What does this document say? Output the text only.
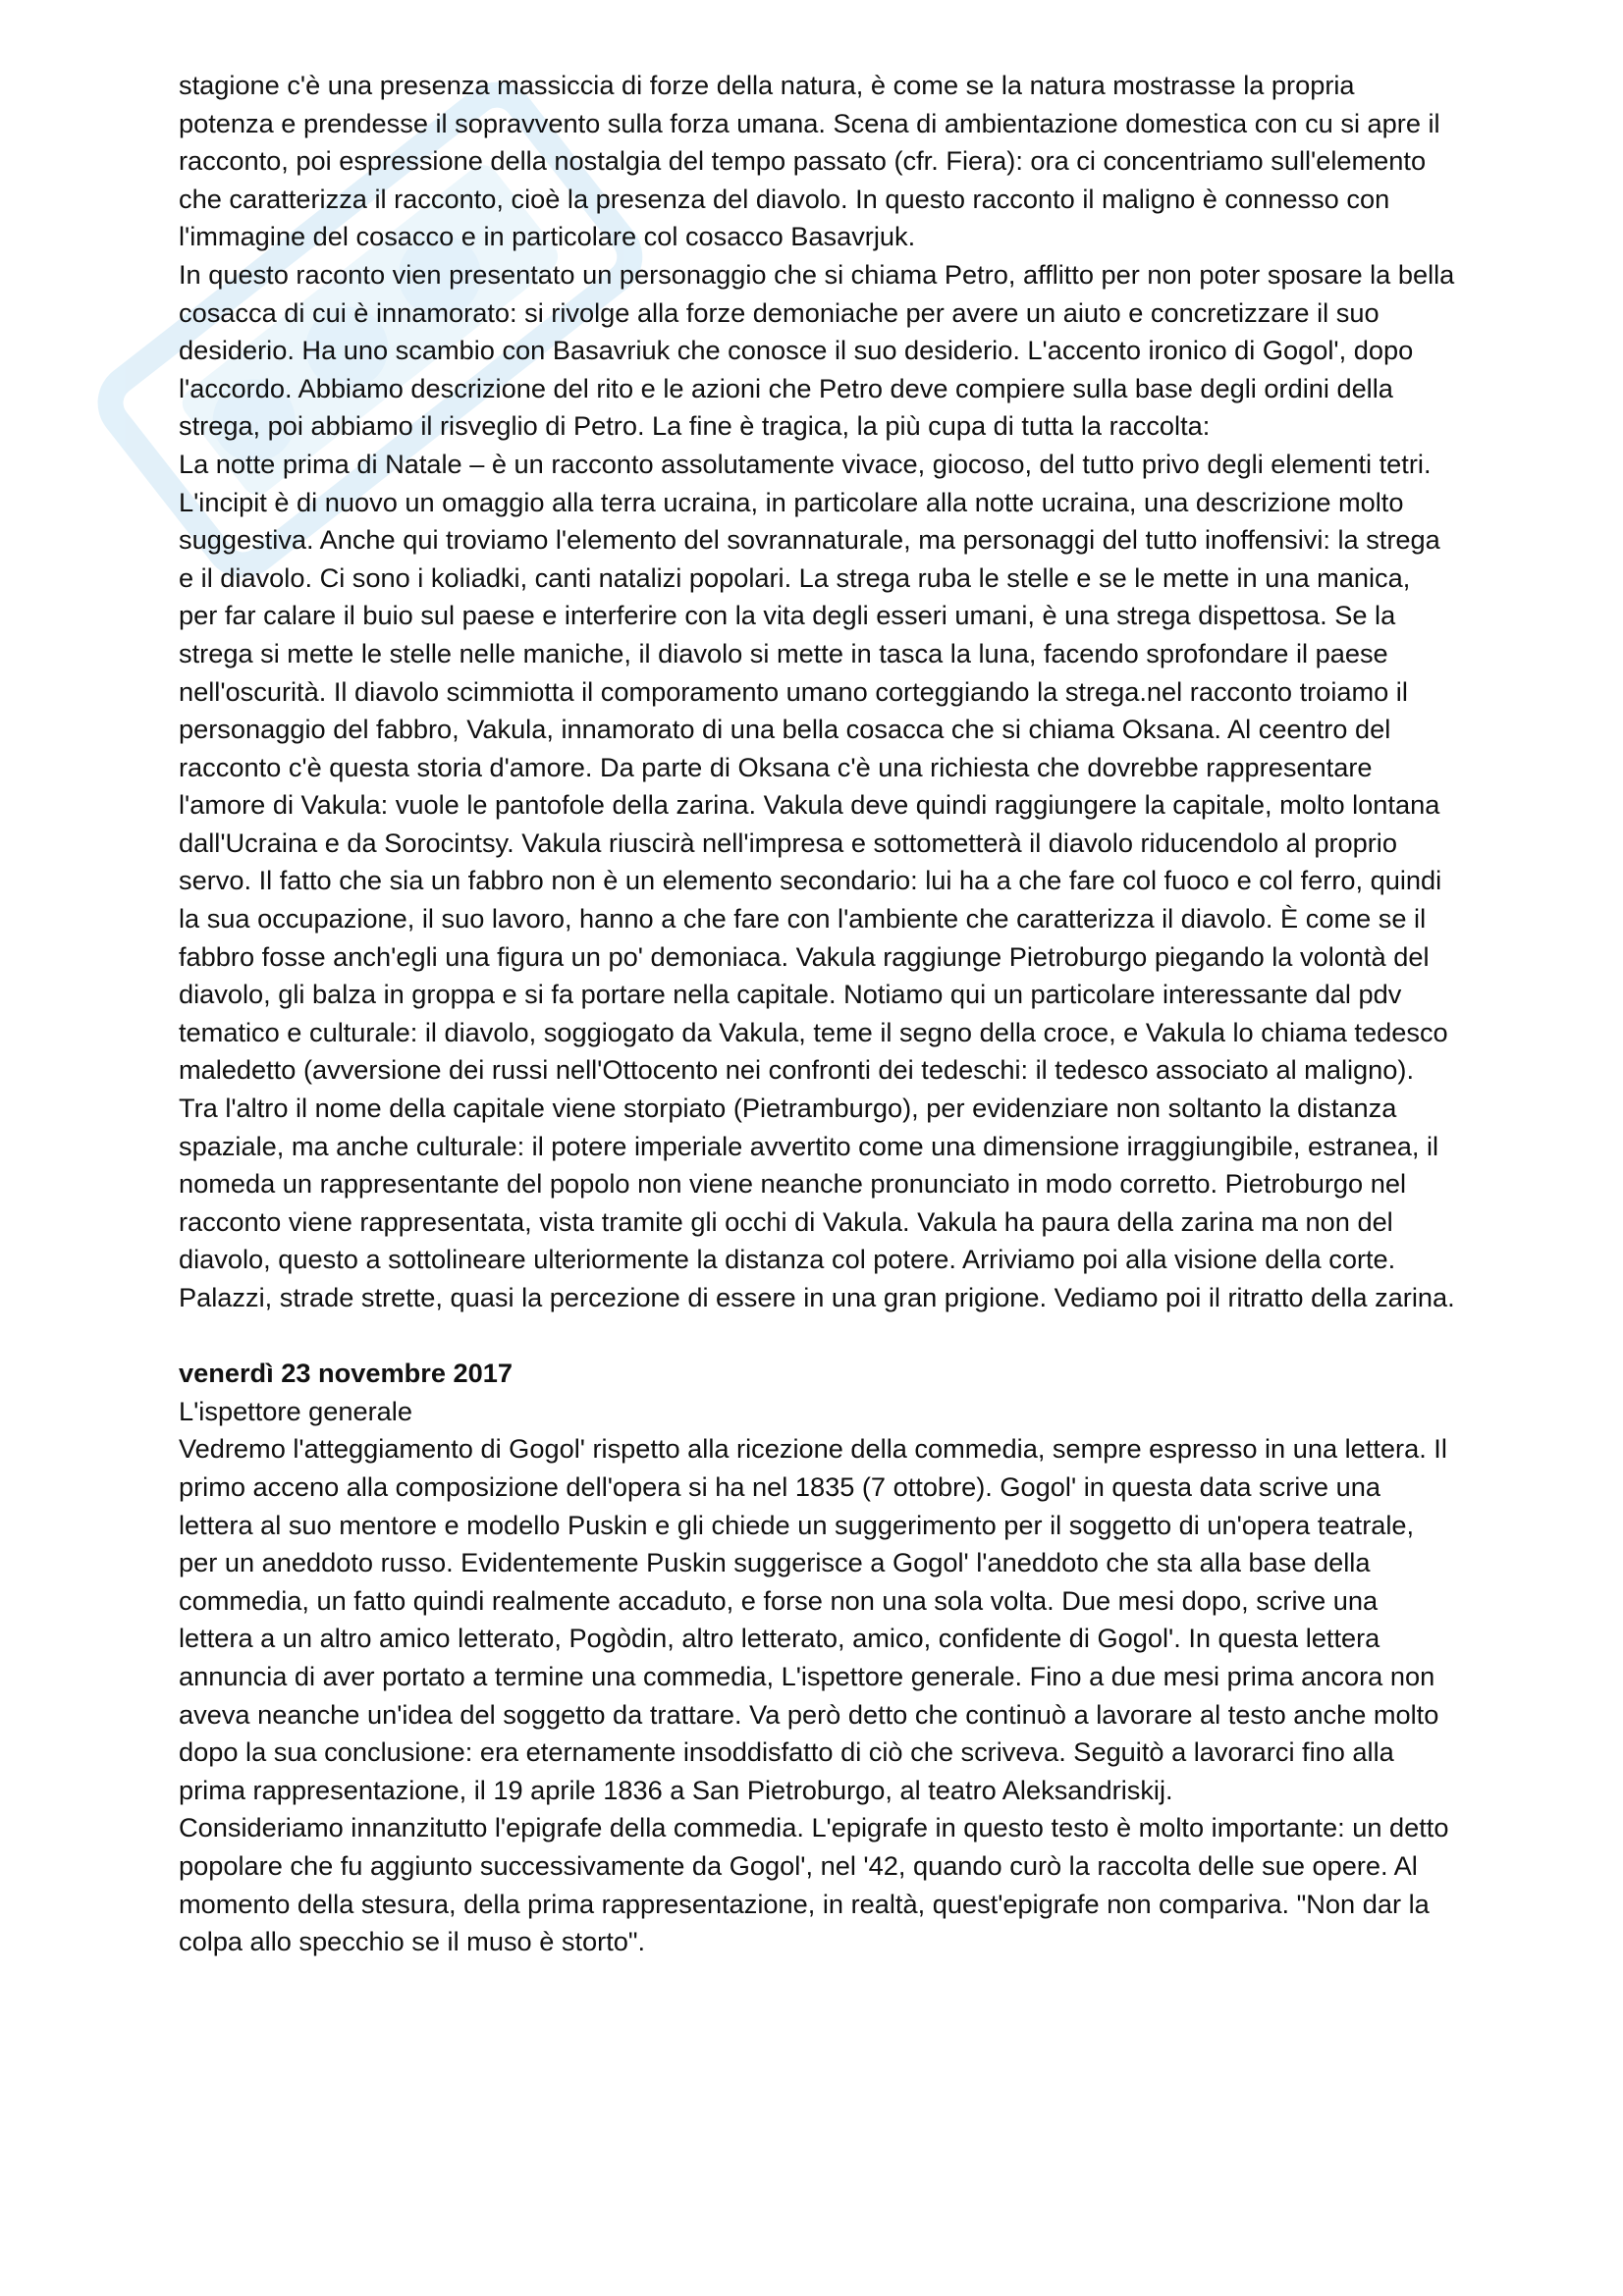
stagione c'è una presenza massiccia di forze della natura, è come se la natura mostrasse la propria potenza e prendesse il sopravvento sulla forza umana. Scena di ambientazione domestica con cu si apre il racconto, poi espressione della nostalgia del tempo passato (cfr. Fiera): ora ci concentriamo sull'elemento che caratterizza il racconto, cioè la presenza del diavolo. In questo racconto il maligno è connesso con l'immagine del cosacco e in particolare col cosacco Basavrjuk.

In questo raconto vien presentato un personaggio che si chiama Petro, afflitto per non poter sposare la bella cosacca di cui è innamorato: si rivolge alla forze demoniache per avere un aiuto e concretizzare il suo desiderio. Ha uno scambio con Basavriuk che conosce il suo desiderio. L'accento ironico di Gogol', dopo l'accordo. Abbiamo descrizione del rito e le azioni che Petro deve compiere sulla base degli ordini della strega, poi abbiamo il risveglio di Petro. La fine è tragica, la più cupa di tutta la raccolta:

La notte prima di Natale – è un racconto assolutamente vivace, giocoso, del tutto privo degli elementi tetri. L'incipit è di nuovo un omaggio alla terra ucraina, in particolare alla notte ucraina, una descrizione molto suggestiva. Anche qui troviamo l'elemento del sovrannaturale, ma personaggi del tutto inoffensivi: la strega e il diavolo. Ci sono i koliadki, canti natalizi popolari. La strega ruba le stelle e se le mette in una manica, per far calare il buio sul paese e interferire con la vita degli esseri umani, è una strega dispettosa. Se la strega si mette le stelle nelle maniche, il diavolo si mette in tasca la luna, facendo sprofondare il paese nell'oscurità. Il diavolo scimmiotta il comporamento umano corteggiando la strega.nel racconto troiamo il personaggio del fabbro, Vakula, innamorato di una bella cosacca che si chiama Oksana. Al ceentro del racconto c'è questa storia d'amore. Da parte di Oksana c'è una richiesta che dovrebbe rappresentare l'amore di Vakula: vuole le pantofole della zarina. Vakula deve quindi raggiungere la capitale, molto lontana dall'Ucraina e da Sorocintsy. Vakula riuscirà nell'impresa e sottometterà il diavolo riducendolo al proprio servo. Il fatto che sia un fabbro non è un elemento secondario: lui ha a che fare col fuoco e col ferro, quindi la sua occupazione, il suo lavoro, hanno a che fare con l'ambiente che caratterizza il diavolo. È come se il fabbro fosse anch'egli una figura un po' demoniaca. Vakula raggiunge Pietroburgo piegando la volontà del diavolo, gli balza in groppa e si fa portare nella capitale. Notiamo qui un particolare interessante dal pdv tematico e culturale: il diavolo, soggiogato da Vakula, teme il segno della croce, e Vakula lo chiama tedesco maledetto (avversione dei russi nell'Ottocento nei confronti dei tedeschi: il tedesco associato al maligno). Tra l'altro il nome della capitale viene storpiato (Pietramburgo), per evidenziare non soltanto la distanza spaziale, ma anche culturale: il potere imperiale avvertito come una dimensione irraggiungibile, estranea, il nomeda un rappresentante del popolo non viene neanche pronunciato in modo corretto. Pietroburgo nel racconto viene rappresentata, vista tramite gli occhi di Vakula. Vakula ha paura della zarina ma non del diavolo, questo a sottolineare ulteriormente la distanza col potere. Arriviamo poi alla visione della corte. Palazzi, strade strette, quasi la percezione di essere in una gran prigione. Vediamo poi il ritratto della zarina.

venerdì 23 novembre 2017

L'ispettore generale

Vedremo l'atteggiamento di Gogol' rispetto alla ricezione della commedia, sempre espresso in una lettera. Il primo acceno alla composizione dell'opera si ha nel 1835 (7 ottobre). Gogol' in questa data scrive una lettera al suo mentore e modello Puskin e gli chiede un suggerimento per il soggetto di un'opera teatrale, per un aneddoto russo. Evidentemente Puskin suggerisce a Gogol' l'aneddoto che sta alla base della commedia, un fatto quindi realmente accaduto, e forse non una sola volta. Due mesi dopo, scrive una lettera a un altro amico letterato, Pogòdin, altro letterato, amico, confidente di Gogol'. In questa lettera annuncia di aver portato a termine una commedia, L'ispettore generale. Fino a due mesi prima ancora non aveva neanche un'idea del soggetto da trattare. Va però detto che continuò a lavorare al testo anche molto dopo la sua conclusione: era eternamente insoddisfatto di ciò che scriveva. Seguitò a lavorarci fino alla prima rappresentazione, il 19 aprile 1836 a San Pietroburgo, al teatro Aleksandriskij.

Consideriamo innanzitutto l'epigrafe della commedia. L'epigrafe in questo testo è molto importante: un detto popolare che fu aggiunto successivamente da Gogol', nel '42, quando curò la raccolta delle sue opere. Al momento della stesura, della prima rappresentazione, in realtà, quest'epigrafe non compariva. "Non dar la colpa allo specchio se il muso è storto".
